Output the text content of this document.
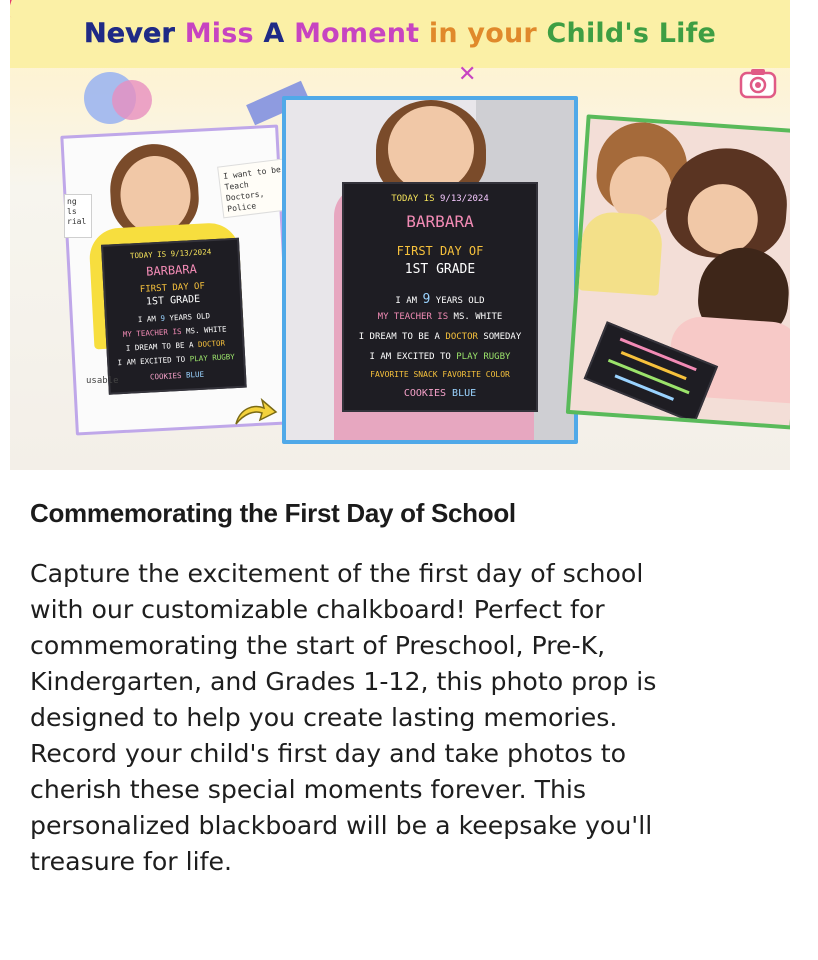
Never Miss A Moment in your Child's Life
✕
TODAY IS 9/13/2024
BARBARA
FIRST DAY OF
1ST GRADE
I AM 9 YEARS OLD
MY TEACHER IS MS. WHITE
I DREAM TO BE A DOCTOR
I AM EXCITED TO PLAY RUGBY
COOKIES BLUE
I want to be Teach
Doctors, Police
ng
ls
rial
usable
TODAY IS 9/13/2024
BARBARA
FIRST DAY OF
1ST GRADE
I AM 9 YEARS OLD
MY TEACHER IS MS. WHITE
I DREAM TO BE A DOCTOR SOMEDAY
I AM EXCITED TO PLAY RUGBY
FAVORITE SNACK FAVORITE COLOR
COOKIES BLUE
Commemorating the First Day of School
Capture the excitement of the first day of school
with our customizable chalkboard! Perfect for
commemorating the start of Preschool, Pre-K,
Kindergarten, and Grades 1-12, this photo prop is
designed to help you create lasting memories.
Record your child's first day and take photos to
cherish these special moments forever. This
personalized blackboard will be a keepsake you'll
treasure for life.
